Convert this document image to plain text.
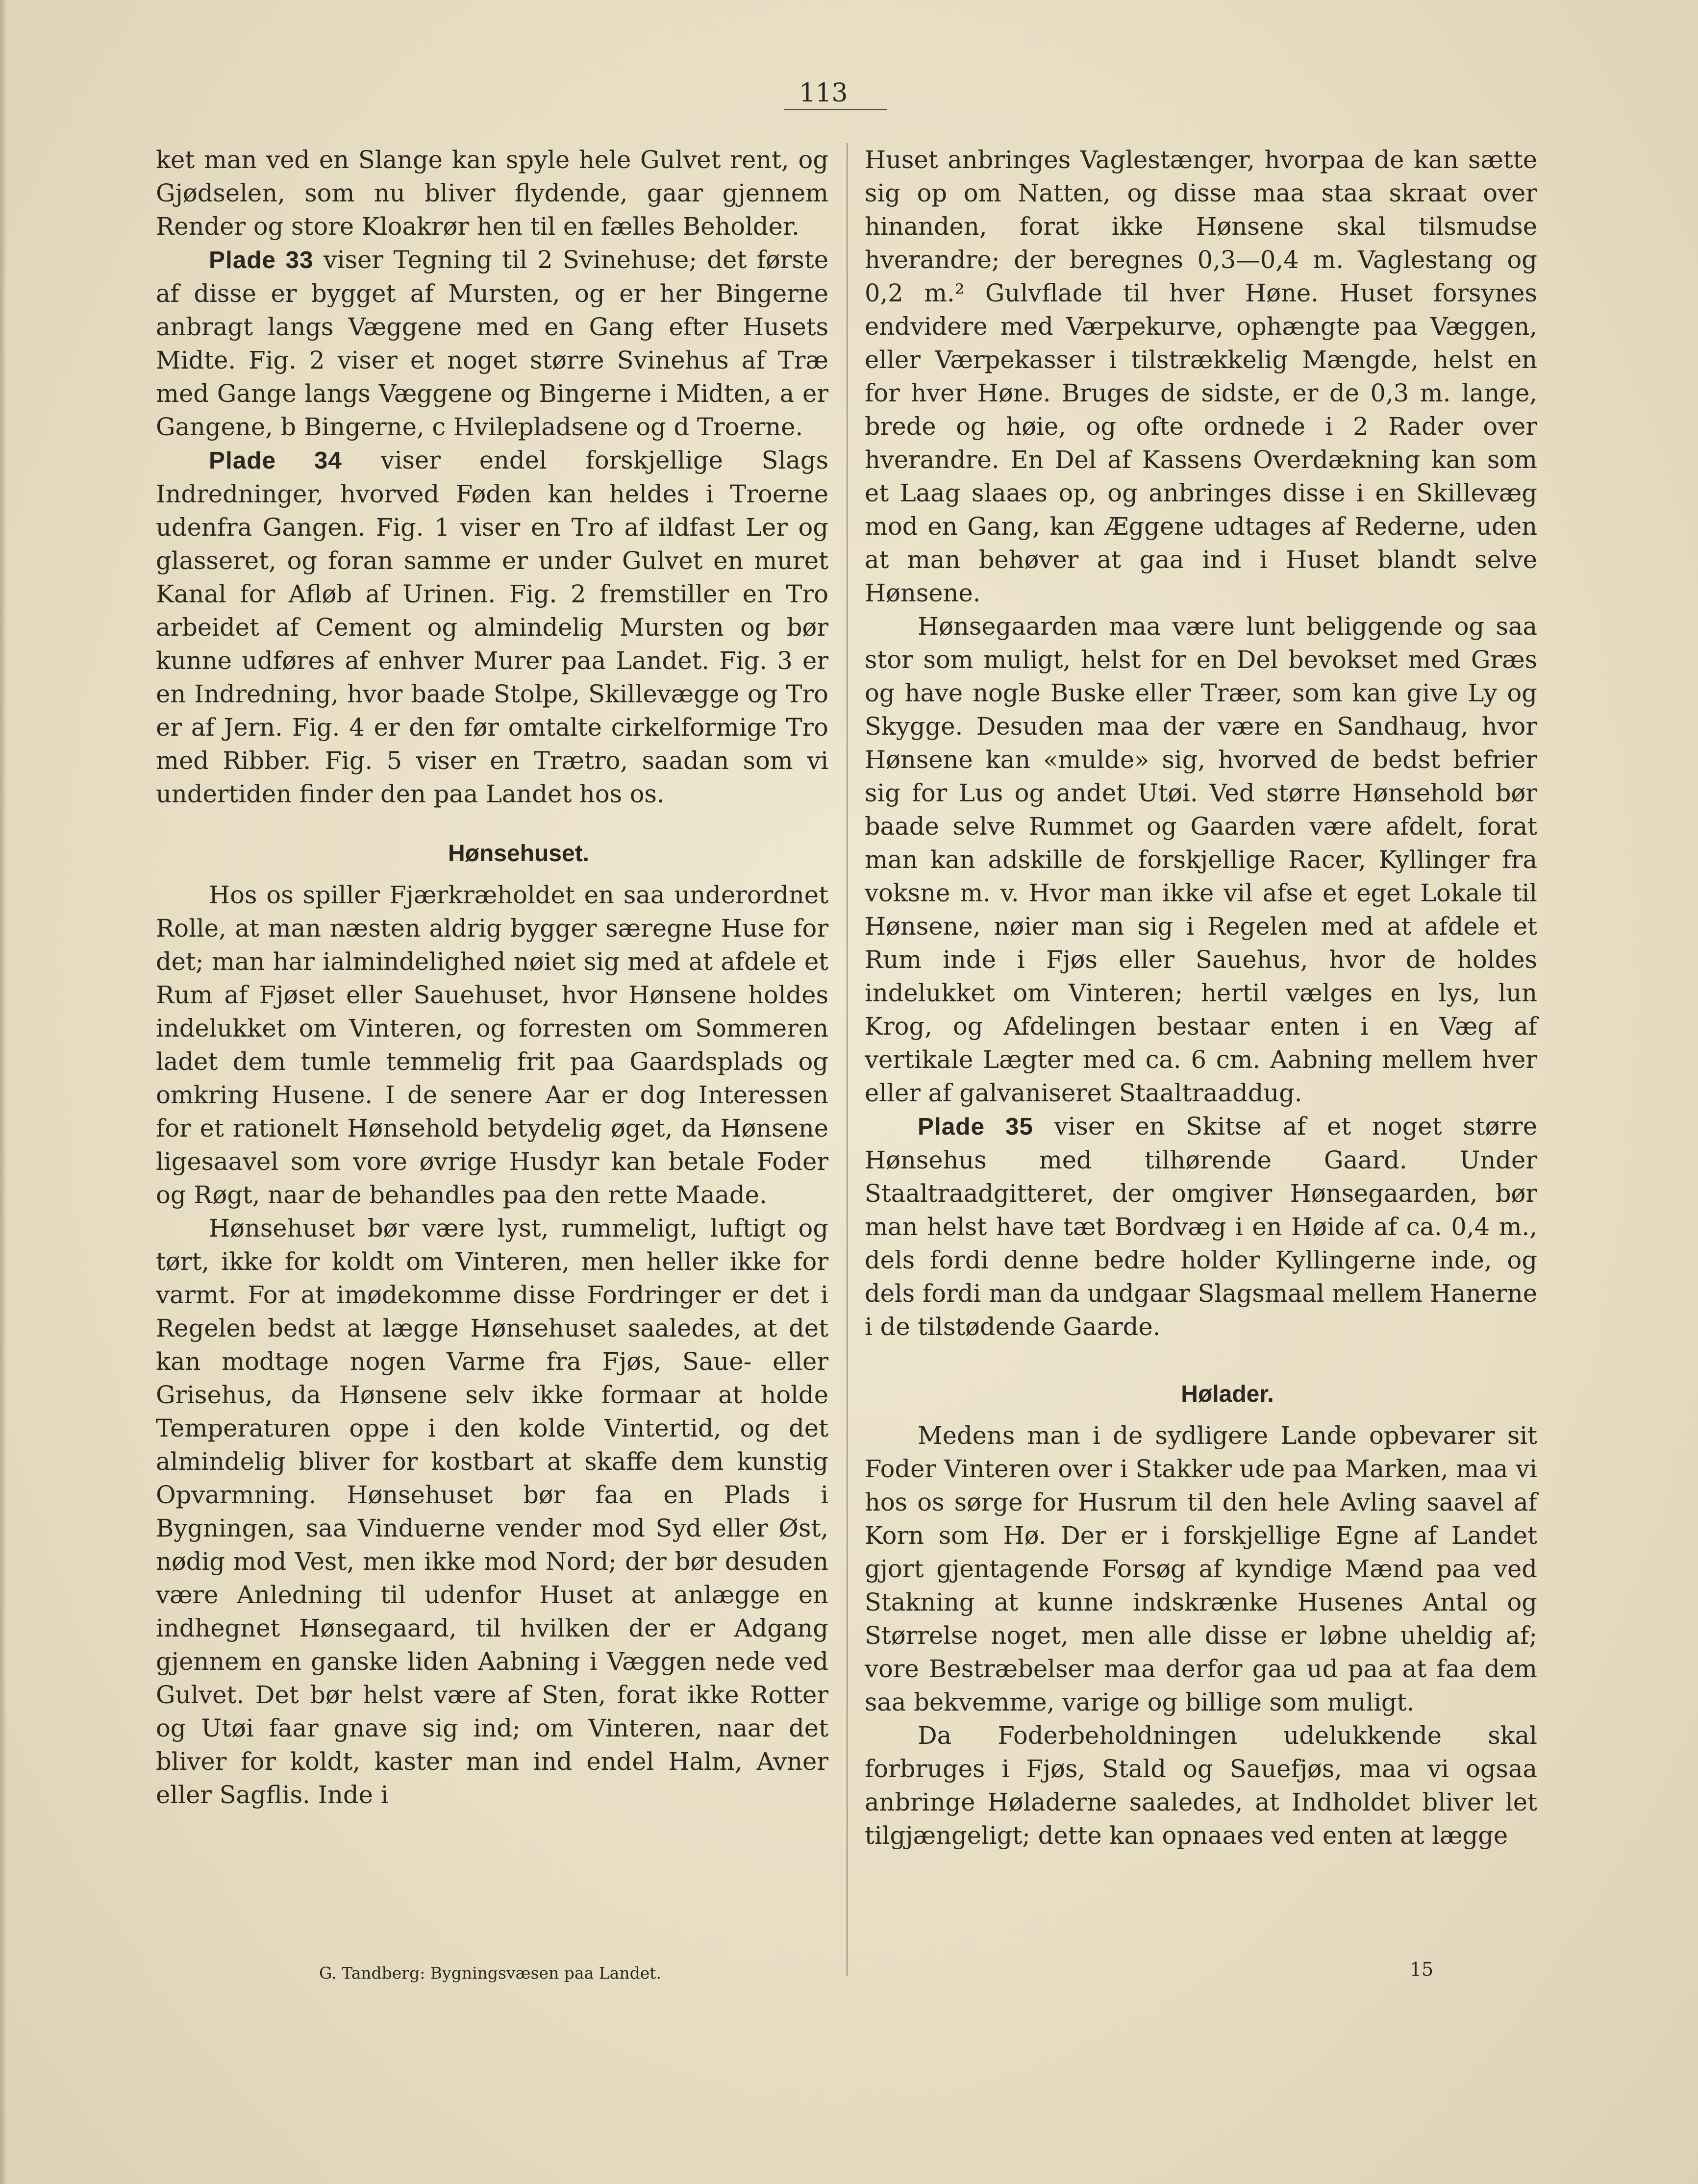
113

ket man ved en Slange kan spyle hele Gulvet rent, og Gjødselen, som nu bliver flydende, gaar gjennem Render og store Kloakrør hen til en fælles Beholder.

Plade 33 viser Tegning til 2 Svinehuse; det første af disse er bygget af Mursten, og er her Bingerne anbragt langs Væggene med en Gang efter Husets Midte. Fig. 2 viser et noget større Svinehus af Træ med Gange langs Væggene og Bingerne i Midten, a er Gangene, b Bingerne, c Hvilepladsene og d Troerne.

Plade 34 viser endel forskjellige Slags Indredninger, hvorved Føden kan heldes i Troerne udenfra Gangen. Fig. 1 viser en Tro af ildfast Ler og glasseret, og foran samme er under Gulvet en muret Kanal for Afløb af Urinen. Fig. 2 fremstiller en Tro arbeidet af Cement og almindelig Mursten og bør kunne udføres af enhver Murer paa Landet. Fig. 3 er en Indredning, hvor baade Stolpe, Skillevægge og Tro er af Jern. Fig. 4 er den før omtalte cirkelformige Tro med Ribber. Fig. 5 viser en Trætro, saadan som vi undertiden finder den paa Landet hos os.

Hønsehuset.

Hos os spiller Fjærkræholdet en saa underordnet Rolle, at man næsten aldrig bygger særegne Huse for det; man har ialmindelighed nøiet sig med at afdele et Rum af Fjøset eller Sauehuset, hvor Hønsene holdes indelukket om Vinteren, og forresten om Sommeren ladet dem tumle temmelig frit paa Gaardsplads og omkring Husene. I de senere Aar er dog Interessen for et rationelt Hønsehold betydelig øget, da Hønsene ligesaavel som vore øvrige Husdyr kan betale Foder og Røgt, naar de behandles paa den rette Maade.

Hønsehuset bør være lyst, rummeligt, luftigt og tørt, ikke for koldt om Vinteren, men heller ikke for varmt. For at imødekomme disse Fordringer er det i Regelen bedst at lægge Hønsehuset saaledes, at det kan modtage nogen Varme fra Fjøs, Saue- eller Grisehus, da Hønsene selv ikke formaar at holde Temperaturen oppe i den kolde Vintertid, og det almindelig bliver for kostbart at skaffe dem kunstig Opvarmning. Hønsehuset bør faa en Plads i Bygningen, saa Vinduerne vender mod Syd eller Øst, nødig mod Vest, men ikke mod Nord; der bør desuden være Anledning til udenfor Huset at anlægge en indhegnet Hønsegaard, til hvilken der er Adgang gjennem en ganske liden Aabning i Væggen nede ved Gulvet. Det bør helst være af Sten, forat ikke Rotter og Utøi faar gnave sig ind; om Vinteren, naar det bliver for koldt, kaster man ind endel Halm, Avner eller Sagflis. Inde i

Huset anbringes Vaglestænger, hvorpaa de kan sætte sig op om Natten, og disse maa staa skraat over hinanden, forat ikke Hønsene skal tilsmudse hverandre; der beregnes 0,3—0,4 m. Vaglestang og 0,2 m.² Gulvflade til hver Høne. Huset forsynes endvidere med Værpekurve, ophængte paa Væggen, eller Værpekasser i tilstrækkelig Mængde, helst en for hver Høne. Bruges de sidste, er de 0,3 m. lange, brede og høie, og ofte ordnede i 2 Rader over hverandre. En Del af Kassens Overdækning kan som et Laag slaaes op, og anbringes disse i en Skillevæg mod en Gang, kan Æggene udtages af Rederne, uden at man behøver at gaa ind i Huset blandt selve Hønsene.

Hønsegaarden maa være lunt beliggende og saa stor som muligt, helst for en Del bevokset med Græs og have nogle Buske eller Træer, som kan give Ly og Skygge. Desuden maa der være en Sandhaug, hvor Hønsene kan «mulde» sig, hvorved de bedst befrier sig for Lus og andet Utøi. Ved større Hønsehold bør baade selve Rummet og Gaarden være afdelt, forat man kan adskille de forskjellige Racer, Kyllinger fra voksne m. v. Hvor man ikke vil afse et eget Lokale til Hønsene, nøier man sig i Regelen med at afdele et Rum inde i Fjøs eller Sauehus, hvor de holdes indelukket om Vinteren; hertil vælges en lys, lun Krog, og Afdelingen bestaar enten i en Væg af vertikale Lægter med ca. 6 cm. Aabning mellem hver eller af galvaniseret Staaltraaddug.

Plade 35 viser en Skitse af et noget større Hønsehus med tilhørende Gaard. Under Staaltraadgitteret, der omgiver Hønsegaarden, bør man helst have tæt Bordvæg i en Høide af ca. 0,4 m., dels fordi denne bedre holder Kyllingerne inde, og dels fordi man da undgaar Slagsmaal mellem Hanerne i de tilstødende Gaarde.

Hølader.

Medens man i de sydligere Lande opbevarer sit Foder Vinteren over i Stakker ude paa Marken, maa vi hos os sørge for Husrum til den hele Avling saavel af Korn som Hø. Der er i forskjellige Egne af Landet gjort gjentagende Forsøg af kyndige Mænd paa ved Stakning at kunne indskrænke Husenes Antal og Størrelse noget, men alle disse er løbne uheldig af; vore Bestræbelser maa derfor gaa ud paa at faa dem saa bekvemme, varige og billige som muligt.

Da Foderbeholdningen udelukkende skal forbruges i Fjøs, Stald og Sauefjøs, maa vi ogsaa anbringe Høladerne saaledes, at Indholdet bliver let tilgjængeligt; dette kan opnaaes ved enten at lægge

G. Tandberg: Bygningsvæsen paa Landet.	15
